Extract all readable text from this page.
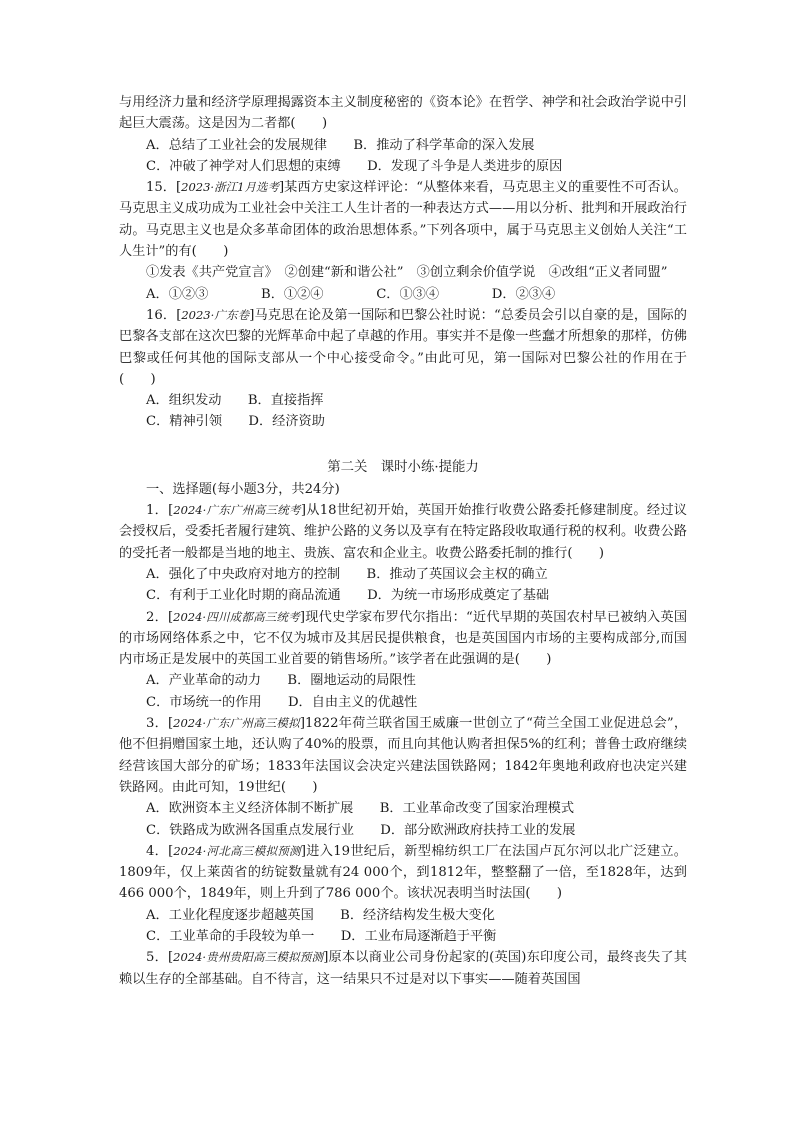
与用经济力量和经济学原理揭露资本主义制度秘密的《资本论》在哲学、神学和社会政治学说中引起巨大震荡。这是因为二者都(　　)

A．总结了工业社会的发展规律　　B．推动了科学革命的深入发展

C．冲破了神学对人们思想的束缚　　D．发现了斗争是人类进步的原因

15．[2023·浙江1月选考]某西方史家这样评论：“从整体来看，马克思主义的重要性不可否认。马克思主义成功成为工业社会中关注工人生计者的一种表达方式——用以分析、批判和开展政治行动。马克思主义也是众多革命团体的政治思想体系。”下列各项中，属于马克思主义创始人关注“工人生计”的有(　　)

①发表《共产党宣言》　②创建“新和谐公社”　③创立剩余价值学说　④改组“正义者同盟”

A．①②③　　　　B．①②④　　　　C．①③④　　　　D．②③④

16．[2023·广东卷]马克思在论及第一国际和巴黎公社时说：“总委员会引以自豪的是，国际的巴黎各支部在这次巴黎的光辉革命中起了卓越的作用。事实并不是像一些蠢才所想象的那样，仿佛巴黎或任何其他的国际支部从一个中心接受命令。”由此可见，第一国际对巴黎公社的作用在于(　　)

A．组织发动　　B．直接指挥

C．精神引领　　D．经济资助

第二关　课时小练·提能力

一、选择题(每小题3分，共24分)

1．[2024·广东广州高三统考]从18世纪初开始，英国开始推行收费公路委托修建制度。经过议会授权后，受委托者履行建筑、维护公路的义务以及享有在特定路段收取通行税的权利。收费公路的受托者一般都是当地的地主、贵族、富农和企业主。收费公路委托制的推行(　　)

A．强化了中央政府对地方的控制　　B．推动了英国议会主权的确立

C．有利于工业化时期的商品流通　　D．为统一市场形成奠定了基础

2．[2024·四川成都高三统考]现代史学家布罗代尔指出：“近代早期的英国农村早已被纳入英国的市场网络体系之中，它不仅为城市及其居民提供粮食，也是英国国内市场的主要构成部分,而国内市场正是发展中的英国工业首要的销售场所。”该学者在此强调的是(　　)

A．产业革命的动力　　B．圈地运动的局限性

C．市场统一的作用　　D．自由主义的优越性

3．[2024·广东广州高三模拟]1822年荷兰联省国王威廉一世创立了“荷兰全国工业促进总会”，他不但捐赠国家土地，还认购了40%的股票，而且向其他认购者担保5%的红利；普鲁士政府继续经营该国大部分的矿场；1833年法国议会决定兴建法国铁路网；1842年奥地利政府也决定兴建铁路网。由此可知，19世纪(　　)

A．欧洲资本主义经济体制不断扩展　　B．工业革命改变了国家治理模式

C．铁路成为欧洲各国重点发展行业　　D．部分欧洲政府扶持工业的发展

4．[2024·河北高三模拟预测]进入19世纪后，新型棉纺织工厂在法国卢瓦尔河以北广泛建立。1809年，仅上莱茵省的纺锭数量就有24 000个，到1812年，整整翻了一倍，至1828年，达到466 000个，1849年，则上升到了786 000个。该状况表明当时法国(　　)

A．工业化程度逐步超越英国　　B．经济结构发生极大变化

C．工业革命的手段较为单一　　D．工业布局逐渐趋于平衡

5．[2024·贵州贵阳高三模拟预测]原本以商业公司身份起家的(英国)东印度公司，最终丧失了其赖以生存的全部基础。自不待言，这一结果只不过是对以下事实——随着英国国
